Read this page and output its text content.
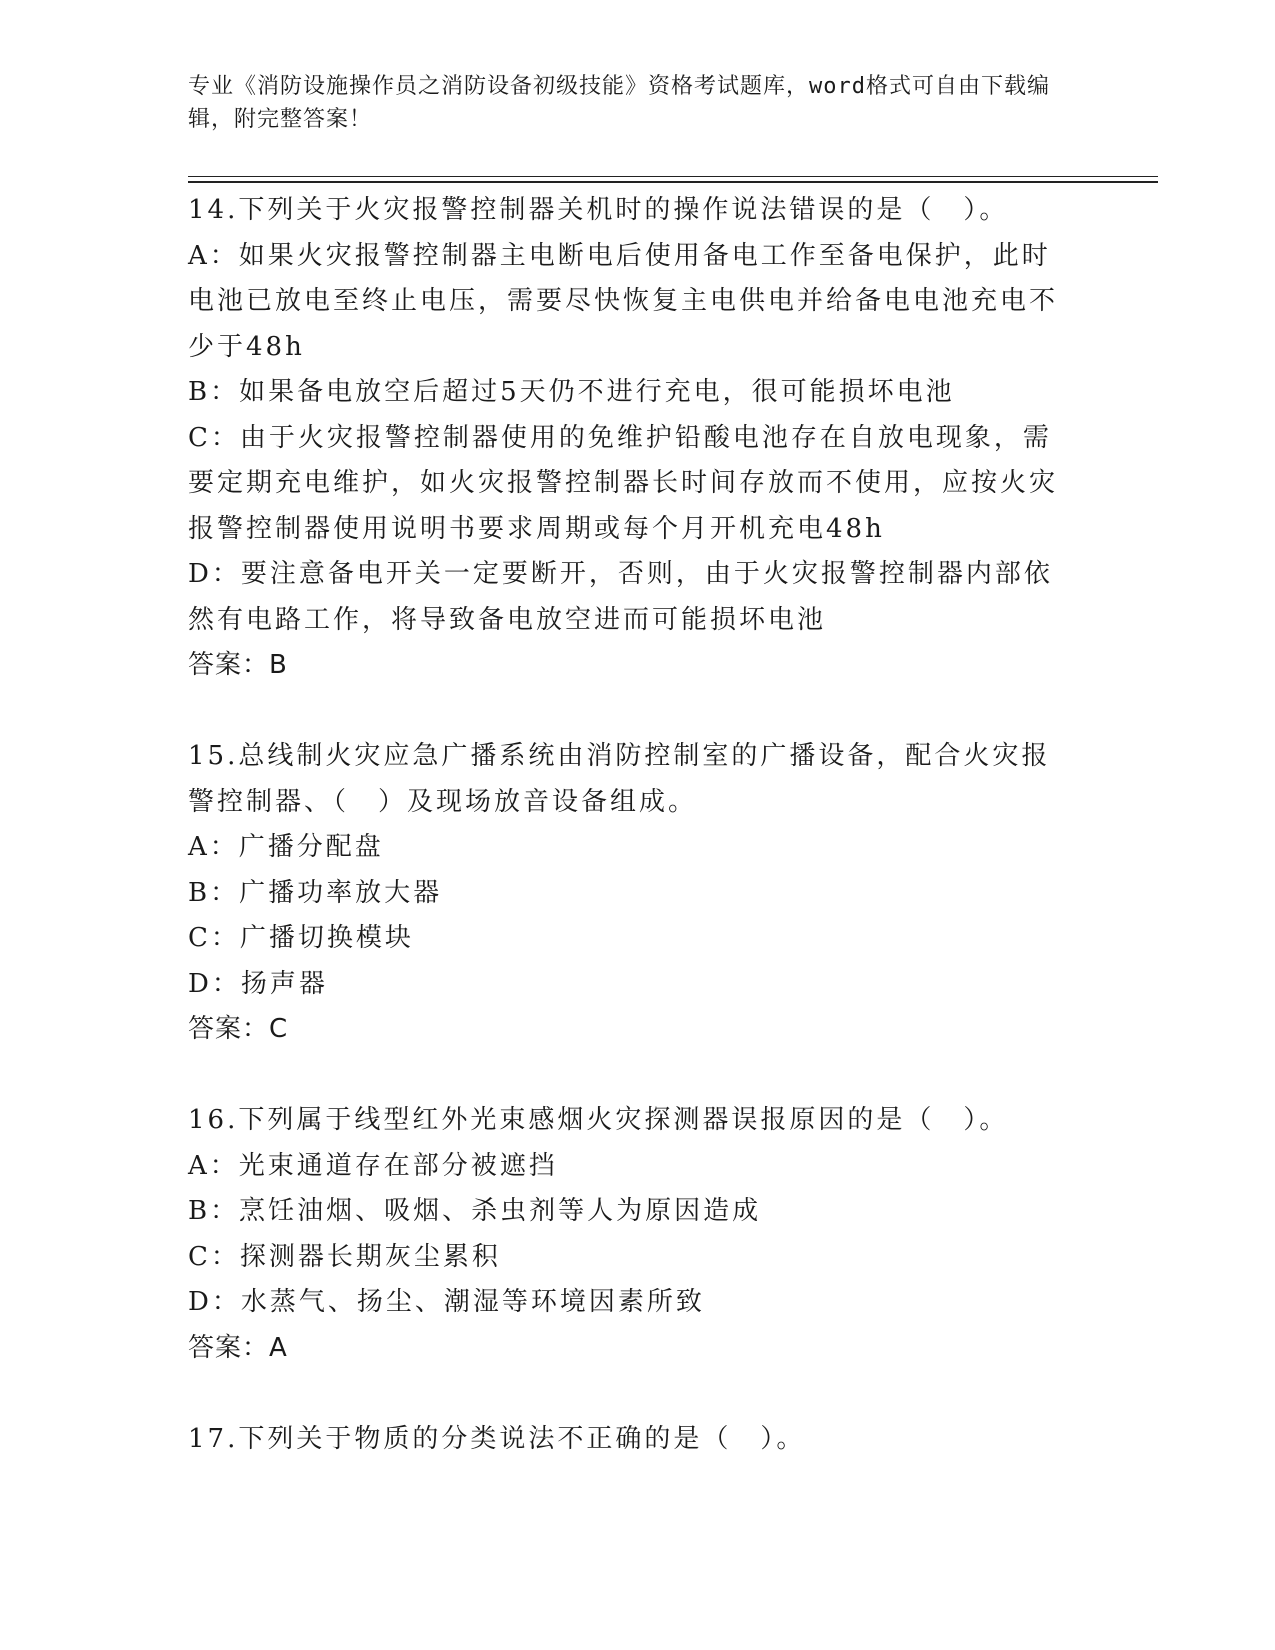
专业《消防设施操作员之消防设备初级技能》资格考试题库，word格式可自由下载编辑，附完整答案！
14.下列关于火灾报警控制器关机时的操作说法错误的是（　）。
A：如果火灾报警控制器主电断电后使用备电工作至备电保护，此时电池已放电至终止电压，需要尽快恢复主电供电并给备电电池充电不少于48h
B：如果备电放空后超过5天仍不进行充电，很可能损坏电池
C：由于火灾报警控制器使用的免维护铅酸电池存在自放电现象，需要定期充电维护，如火灾报警控制器长时间存放而不使用，应按火灾报警控制器使用说明书要求周期或每个月开机充电48h
D：要注意备电开关一定要断开，否则，由于火灾报警控制器内部依然有电路工作，将导致备电放空进而可能损坏电池
答案：B
15.总线制火灾应急广播系统由消防控制室的广播设备，配合火灾报警控制器、（　）及现场放音设备组成。
A：广播分配盘
B：广播功率放大器
C：广播切换模块
D：扬声器
答案：C
16.下列属于线型红外光束感烟火灾探测器误报原因的是（　）。
A：光束通道存在部分被遮挡
B：烹饪油烟、吸烟、杀虫剂等人为原因造成
C：探测器长期灰尘累积
D：水蒸气、扬尘、潮湿等环境因素所致
答案：A
17.下列关于物质的分类说法不正确的是（　）。
